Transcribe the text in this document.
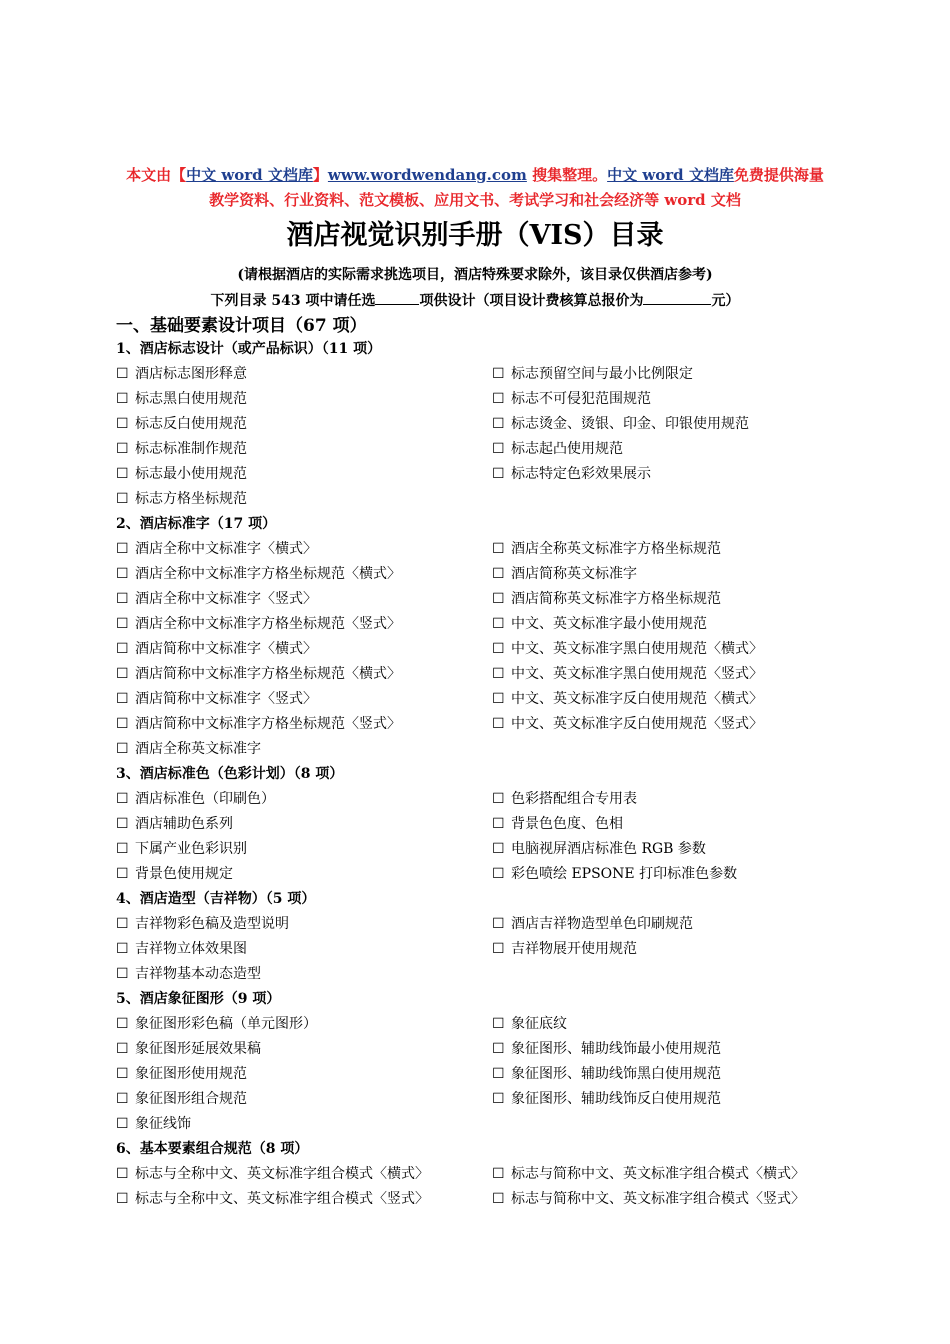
本文由【中文 word 文档库】www.wordwendang.com 搜集整理。中文 word 文档库免费提供海量
教学资料、行业资料、范文模板、应用文书、考试学习和社会经济等 word 文档
酒店视觉识别手册（VIS）目录
(请根据酒店的实际需求挑选项目，酒店特殊要求除外，该目录仅供酒店参考)
下列目录 543 项中请任选	项供设计（项目设计费核算总报价为	元）
一、基础要素设计项目（67 项）
1、酒店标志设计（或产品标识）（11 项）
☐ 酒店标志图形释意	☐ 标志预留空间与最小比例限定
☐ 标志黑白使用规范	☐ 标志不可侵犯范围规范
☐ 标志反白使用规范	☐ 标志烫金、烫银、印金、印银使用规范
☐ 标志标准制作规范	☐ 标志起凸使用规范
☐ 标志最小使用规范	☐ 标志特定色彩效果展示
☐ 标志方格坐标规范
2、酒店标准字（17 项）
☐ 酒店全称中文标准字〈横式〉	☐ 酒店全称英文标准字方格坐标规范
☐ 酒店全称中文标准字方格坐标规范〈横式〉	☐ 酒店简称英文标准字
☐ 酒店全称中文标准字〈竖式〉	☐ 酒店简称英文标准字方格坐标规范
☐ 酒店全称中文标准字方格坐标规范〈竖式〉	☐ 中文、英文标准字最小使用规范
☐ 酒店简称中文标准字〈横式〉	☐ 中文、英文标准字黑白使用规范〈横式〉
☐ 酒店简称中文标准字方格坐标规范〈横式〉	☐ 中文、英文标准字黑白使用规范〈竖式〉
☐ 酒店简称中文标准字〈竖式〉	☐ 中文、英文标准字反白使用规范〈横式〉
☐ 酒店简称中文标准字方格坐标规范〈竖式〉	☐ 中文、英文标准字反白使用规范〈竖式〉
☐ 酒店全称英文标准字
3、酒店标准色（色彩计划）（8 项）
☐ 酒店标准色（印刷色）	☐ 色彩搭配组合专用表
☐ 酒店辅助色系列	☐ 背景色色度、色相
☐ 下属产业色彩识别	☐ 电脑视屏酒店标准色 RGB 参数
☐ 背景色使用规定	☐ 彩色喷绘 EPSONE 打印标准色参数
4、酒店造型（吉祥物）（5 项）
☐ 吉祥物彩色稿及造型说明	☐ 酒店吉祥物造型单色印刷规范
☐ 吉祥物立体效果图	☐ 吉祥物展开使用规范
☐ 吉祥物基本动态造型
5、酒店象征图形（9 项）
☐ 象征图形彩色稿（单元图形）	☐ 象征底纹
☐ 象征图形延展效果稿	☐ 象征图形、辅助线饰最小使用规范
☐ 象征图形使用规范	☐ 象征图形、辅助线饰黑白使用规范
☐ 象征图形组合规范	☐ 象征图形、辅助线饰反白使用规范
☐ 象征线饰
6、基本要素组合规范（8 项）
☐ 标志与全称中文、英文标准字组合模式〈横式〉	☐ 标志与简称中文、英文标准字组合模式〈横式〉
☐ 标志与全称中文、英文标准字组合模式〈竖式〉	☐ 标志与简称中文、英文标准字组合模式〈竖式〉
